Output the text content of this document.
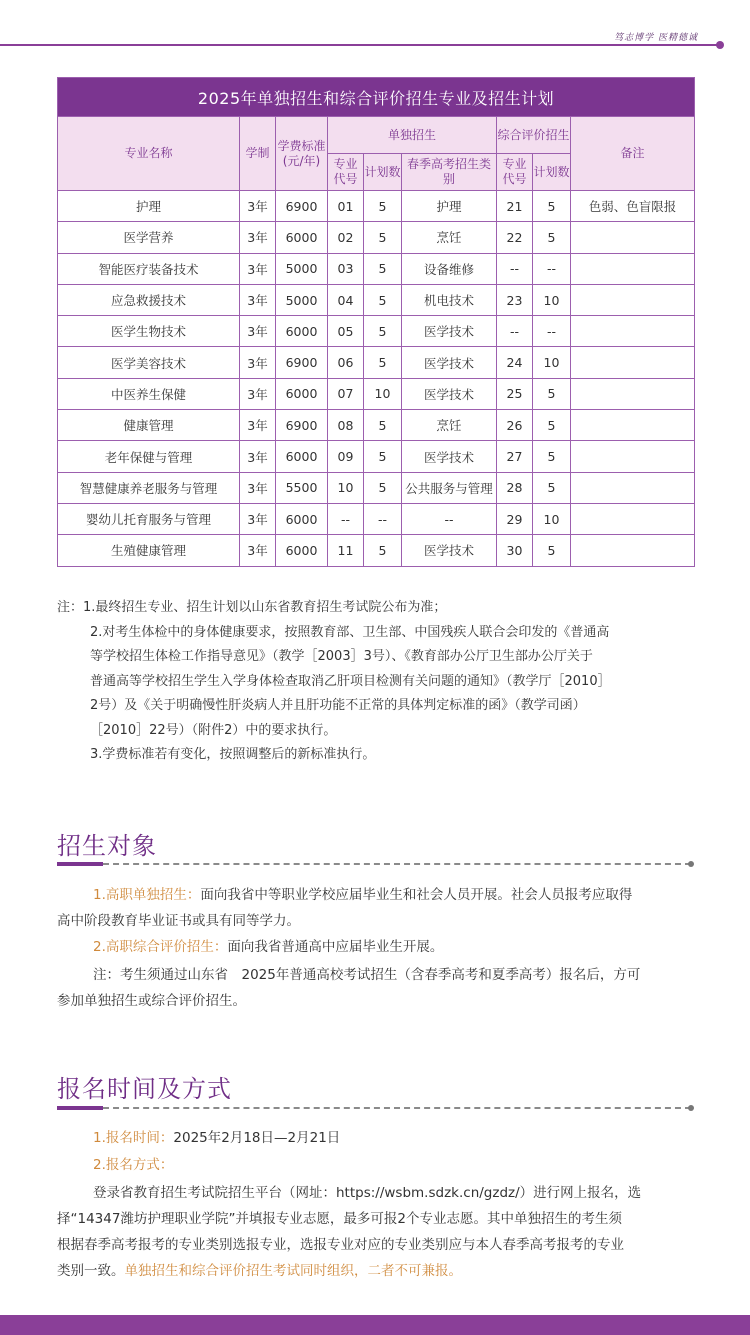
笃志博学 医精德诚
2025年单独招生和综合评价招生专业及招生计划								
专业名称	学制	学费标准(元/年)	单独招生			综合评价招生		备注
			专业代号	计划数	春季高考招生类别	专业代号	计划数	
护理	3年	6900	01	5	护理	21	5	色弱、色盲限报
医学营养	3年	6000	02	5	烹饪	22	5	
智能医疗装备技术	3年	5000	03	5	设备维修	--	--	
应急救援技术	3年	5000	04	5	机电技术	23	10	
医学生物技术	3年	6000	05	5	医学技术	--	--	
医学美容技术	3年	6900	06	5	医学技术	24	10	
中医养生保健	3年	6000	07	10	医学技术	25	5	
健康管理	3年	6900	08	5	烹饪	26	5	
老年保健与管理	3年	6000	09	5	医学技术	27	5	
智慧健康养老服务与管理	3年	5500	10	5	公共服务与管理	28	5	
婴幼儿托育服务与管理	3年	6000	--	--	--	29	10	
生殖健康管理	3年	6000	11	5	医学技术	30	5	

注：1.最终招生专业、招生计划以山东省教育招生考试院公布为准；

2.对考生体检中的身体健康要求，按照教育部、卫生部、中国残疾人联合会印发的《普通高

等学校招生体检工作指导意见》（教学［2003］3号）、《教育部办公厅卫生部办公厅关于

普通高等学校招生学生入学身体检查取消乙肝项目检测有关问题的通知》（教学厅［2010］

2号）及《关于明确慢性肝炎病人并且肝功能不正常的具体判定标准的函》（教学司函）

［2010］22号）（附件2）中的要求执行。

3.学费标准若有变化，按照调整后的新标准执行。

招生对象

1.高职单独招生：面向我省中等职业学校应届毕业生和社会人员开展。社会人员报考应取得
高中阶段教育毕业证书或具有同等学力。

2.高职综合评价招生：面向我省普通高中应届毕业生开展。

注：考生须通过山东省　2025年普通高校考试招生（含春季高考和夏季高考）报名后，方可
参加单独招生或综合评价招生。

报名时间及方式

1.报名时间：2025年2月18日—2月21日

2.报名方式：

登录省教育招生考试院招生平台（网址：https://wsbm.sdzk.cn/gzdz/）进行网上报名，选
择“14347潍坊护理职业学院”并填报专业志愿，最多可报2个专业志愿。其中单独招生的考生须
根据春季高考报考的专业类别选报专业，选报专业对应的专业类别应与本人春季高考报考的专业
类别一致。单独招生和综合评价招生考试同时组织，二者不可兼报。
